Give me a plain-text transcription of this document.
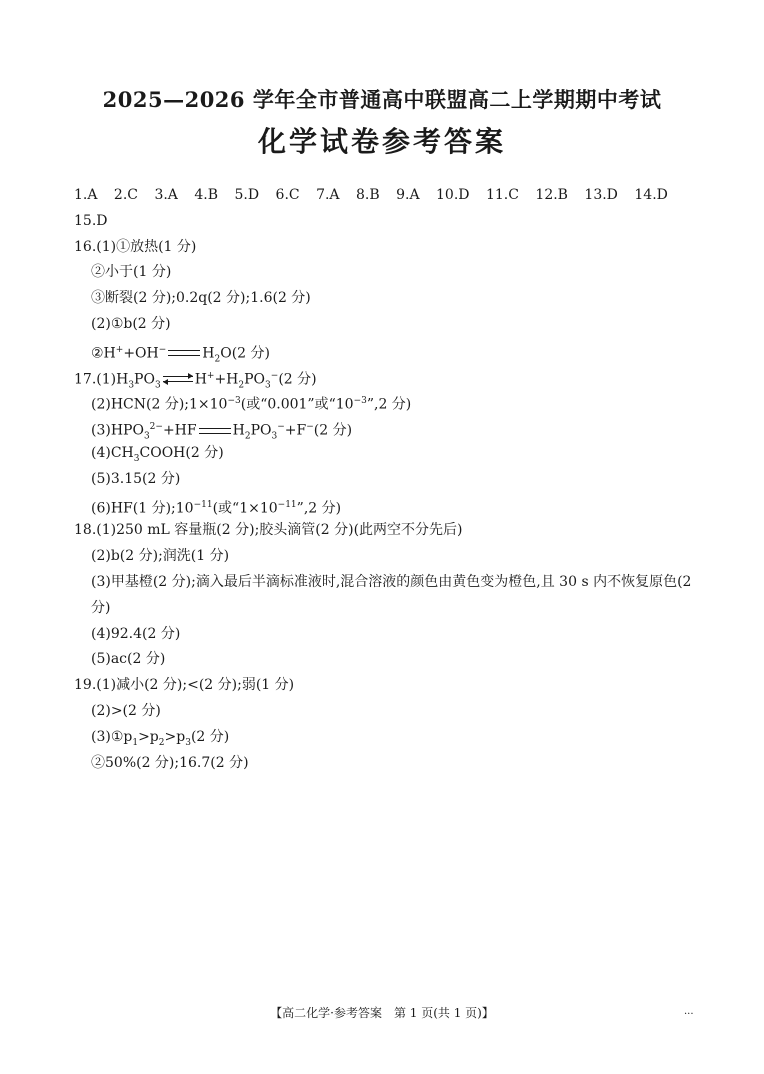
2025—2026 学年全市普通高中联盟高二上学期期中考试
化学试卷参考答案
1.A 2.C 3.A 4.B 5.D 6.C 7.A 8.B 9.A 10.D 11.C 12.B 13.D 14.D
15.D
16.(1)①放热(1 分)
②小于(1 分)
③断裂(2 分);0.2q(2 分);1.6(2 分)
(2)①b(2 分)
②H++OH−	$H_2O(2$ 分)
$17.(1)H_3PO_3$ $H^++H_2PO_3^-(2$ 分)
(2)HCN(2 分)$;1\times 10^{-3}$(或“0.001”或“$10^{-3}”,2$ 分)
$(3)HPO_3^{2-}+HF$	$H_2PO_3^-+F^-(2$ 分)
$(4)CH_3COOH(2$ 分)
(5)3.15(2 分)
(6)HF(1 分)$;10^{-11}$(或“$1\times 10^{-11}”,2$ 分)
18.(1)250 mL 容量瓶(2 分);胶头滴管(2 分)(此两空不分先后)
(2)b(2 分);润洗(1 分)
(3)甲基橙(2 分);滴入最后半滴标准液时,混合溶液的颜色由黄色变为橙色,且 30 s 内不恢复原色(2 分)
(4)92.4(2 分)
(5)ac(2 分)
19.(1)减小(2 分);<(2 分);弱(1 分)
(2)>(2 分)
$(3)①p_1>p_2>p_3(2$ 分)
②50%(2 分);16.7(2 分)
【高二化学·参考答案　第 1 页(共 1 页)】	...
